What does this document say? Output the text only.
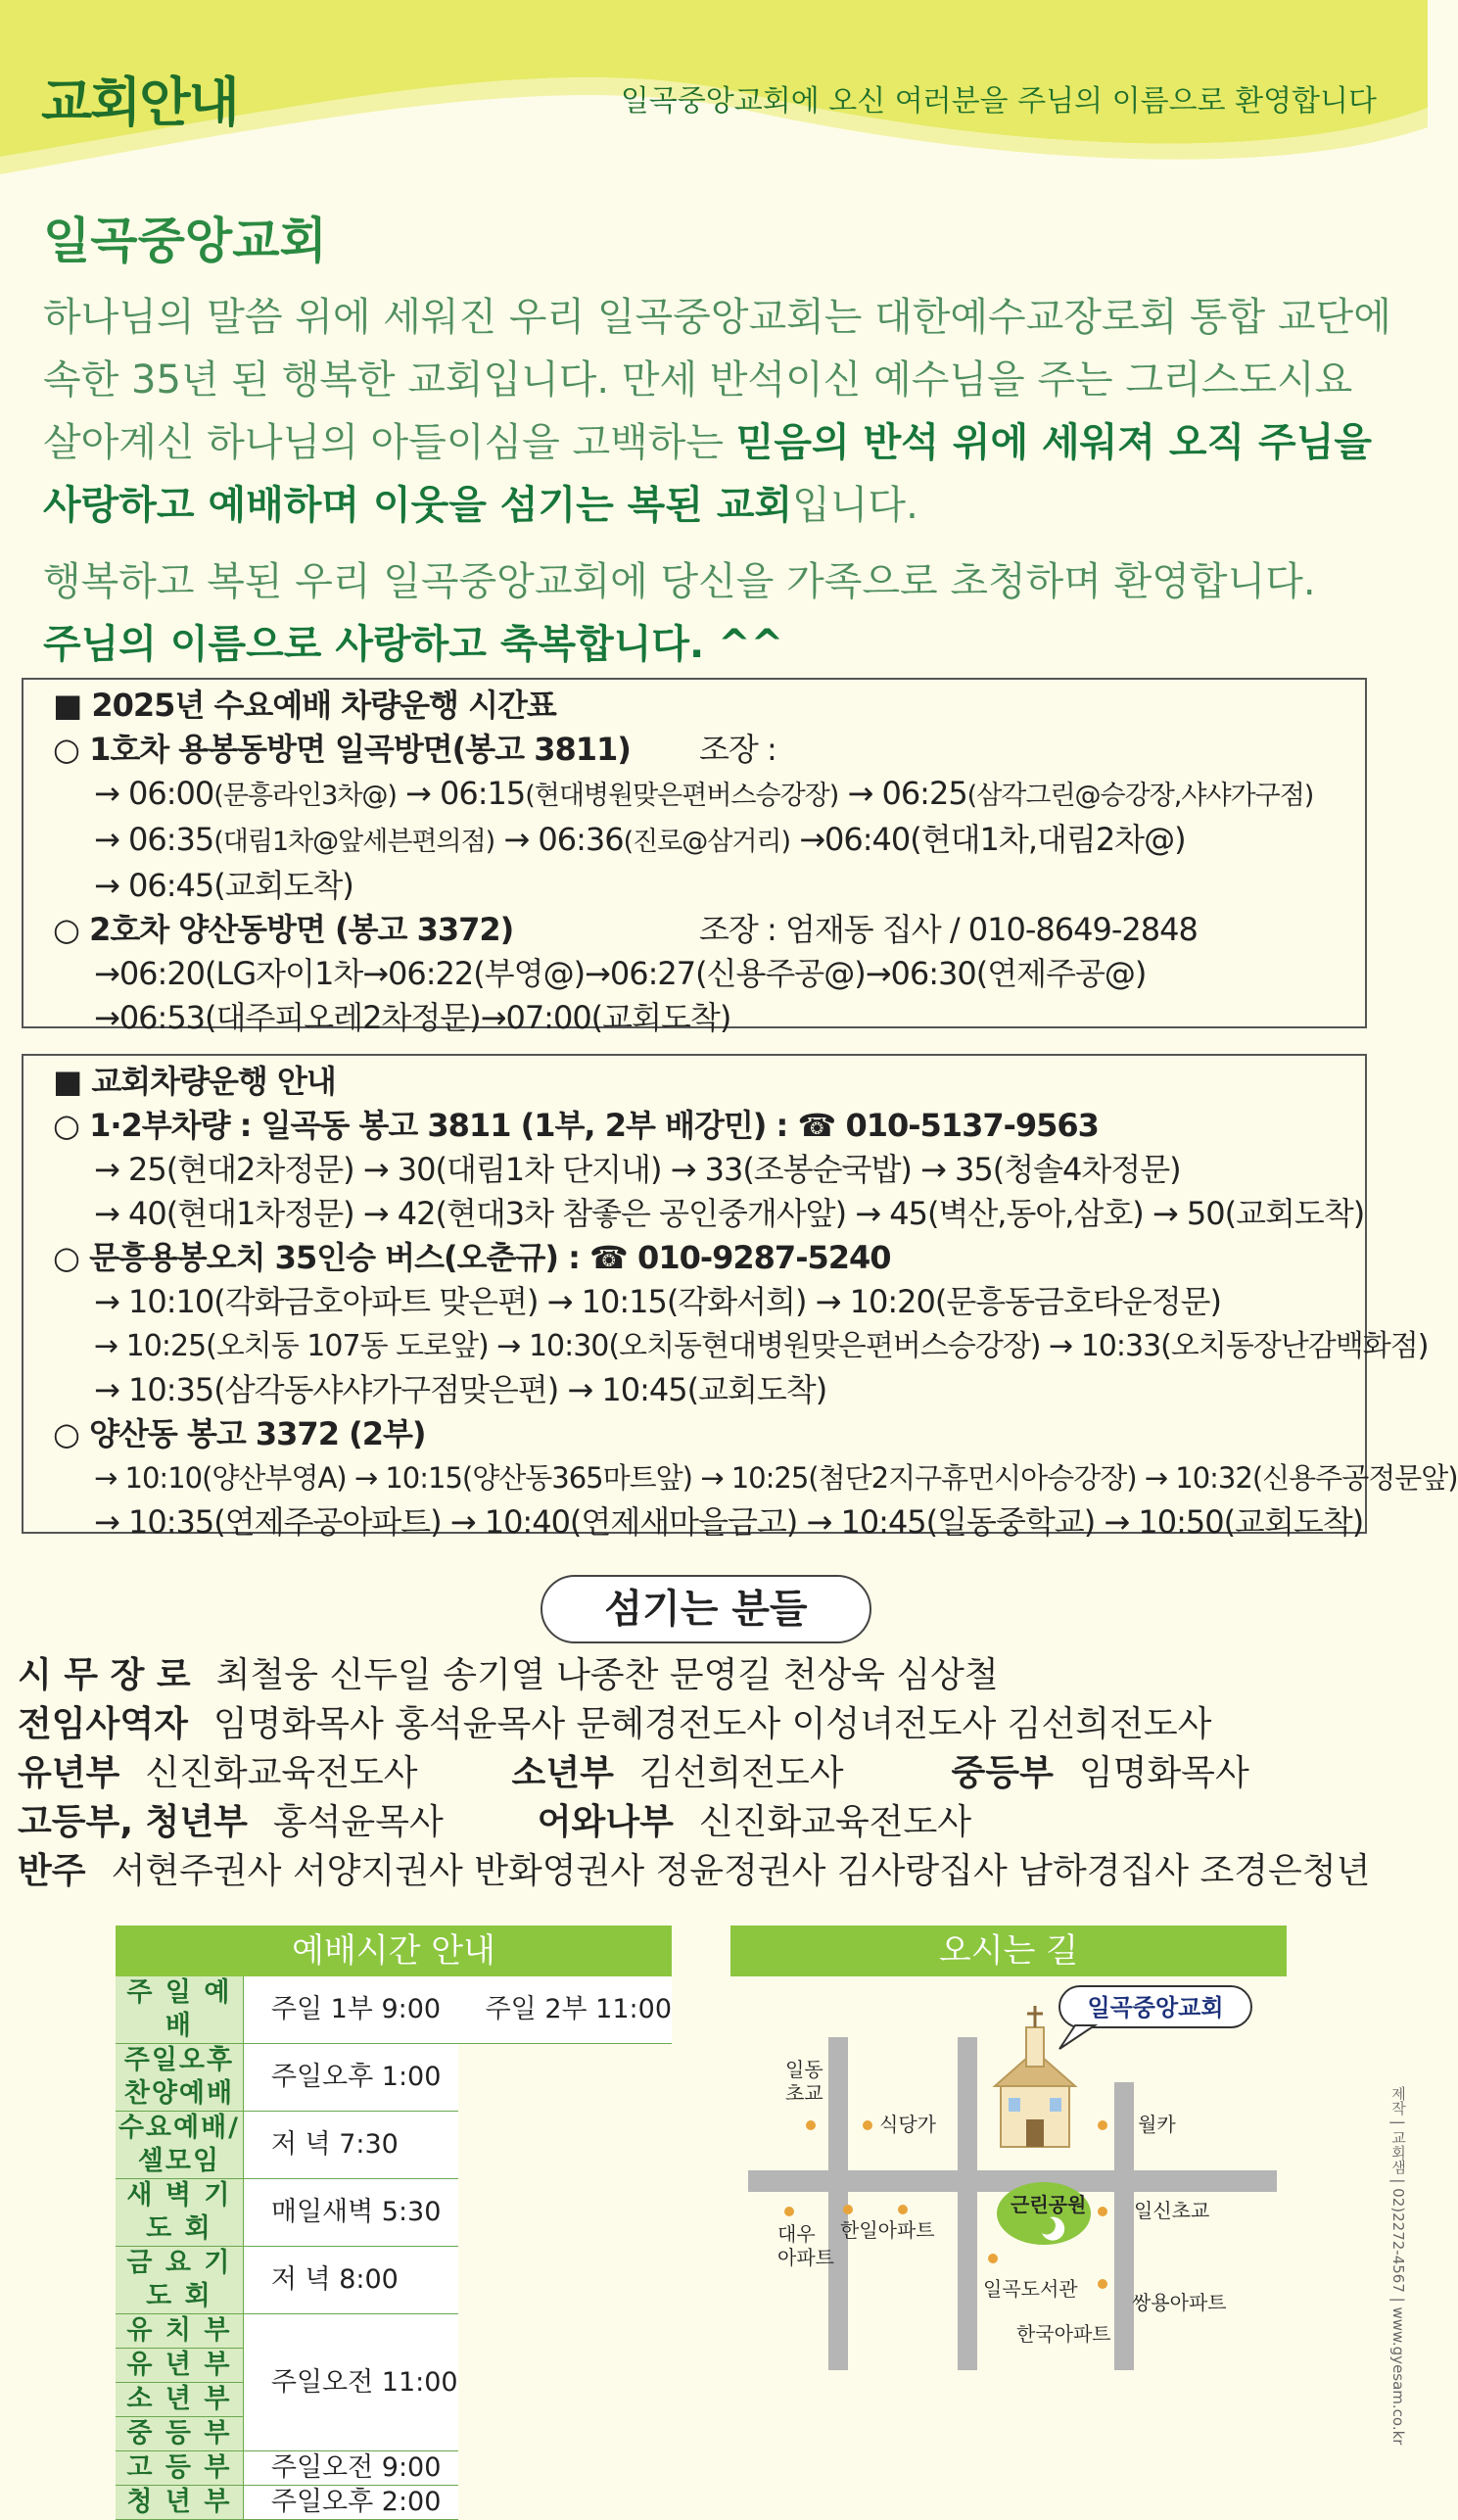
교회안내	일곡중앙교회에 오신 여러분을 주님의 이름으로 환영합니다
일곡중앙교회
하나님의 말씀 위에 세워진 우리 일곡중앙교회는 대한예수교장로회 통합 교단에 속한 35년 된 행복한 교회입니다. 만세 반석이신 예수님을 주는 그리스도시요 살아계신 하나님의 아들이심을 고백하는 믿음의 반석 위에 세워져 오직 주님을 사랑하고 예배하며 이웃을 섬기는 복된 교회입니다.
행복하고 복된 우리 일곡중앙교회에 당신을 가족으로 초청하며 환영합니다.
주님의 이름으로 사랑하고 축복합니다. ^^
■ 2025년 수요예배 차량운행 시간표
○ 1호차 용봉동방면 일곡방면(봉고 3811) 조장 :
→ 06:00(문흥라인3차@) → 06:15(현대병원맞은편버스승강장) → 06:25(삼각그린@승강장,샤샤가구점)
→ 06:35(대림1차@앞세븐편의점) → 06:36(진로@삼거리) →06:40(현대1차,대림2차@)
→ 06:45(교회도착)
○ 2호차 양산동방면 (봉고 3372)	조장 : 엄재동 집사 / 010-8649-2848
→06:20(LG자이1차→06:22(부영@)→06:27(신용주공@)→06:30(연제주공@)
→06:53(대주피오레2차정문)→07:00(교회도착)
■ 교회차량운행 안내
○ 1·2부차량 : 일곡동 봉고 3811 (1부, 2부 배강민) : ☎ 010-5137-9563
→ 25(현대2차정문) → 30(대림1차 단지내) → 33(조봉순국밥) → 35(청솔4차정문)
→ 40(현대1차정문) → 42(현대3차 참좋은 공인중개사앞) → 45(벽산,동아,삼호) → 50(교회도착)
○ 문흥용봉오치 35인승 버스(오춘규) : ☎ 010-9287-5240
→ 10:10(각화금호아파트 맞은편) → 10:15(각화서희) → 10:20(문흥동금호타운정문)
→ 10:25(오치동 107동 도로앞) → 10:30(오치동현대병원맞은편버스승강장) → 10:33(오치동장난감백화점)
→ 10:35(삼각동샤샤가구점맞은편) → 10:45(교회도착)
○ 양산동 봉고 3372 (2부)
→ 10:10(양산부영A) → 10:15(양산동365마트앞) → 10:25(첨단2지구휴먼시아승강장) → 10:32(신용주공정문앞)
→ 10:35(연제주공아파트) → 10:40(연제새마을금고) → 10:45(일동중학교) → 10:50(교회도착)
섬기는 분들
시 무 장 로 최철웅 신두일 송기열 나종찬 문영길 천상욱 심상철
전임사역자 임명화목사 홍석윤목사 문혜경전도사 이성녀전도사 김선희전도사
유년부 신진화교육전도사	소년부 김선희전도사	중등부 임명화목사
고등부, 청년부 홍석윤목사	어와나부 신진화교육전도사
반주 서현주권사 서양지권사 반화영권사 정윤정권사 김사랑집사 남하경집사 조경은청년
예배시간 안내
주 일 예 배	주일 1부 9:00	
		주일 2부 11:00
주일오후찬양예배	주일오후 1:00	
수요예배/셀모임	저 녁 7:30	
새 벽 기 도 회	매일새벽 5:30	
금 요 기 도 회	저 녁 8:00	
유 치 부	주일오전 11:00	
유 년 부		
소 년 부		
중 등 부		
고 등 부	주일오전 9:00	
청 년 부	주일오후 2:00	
오시는 길
일곡중앙교회
일동
초교
식당가	월카
근린공원 일신초교
대우
아파트
한일아파트
일곡도서관
쌍용아파트
한국아파트	제작 | 교회샘 | 02)2272-4567 | www.gyesam.co.kr
